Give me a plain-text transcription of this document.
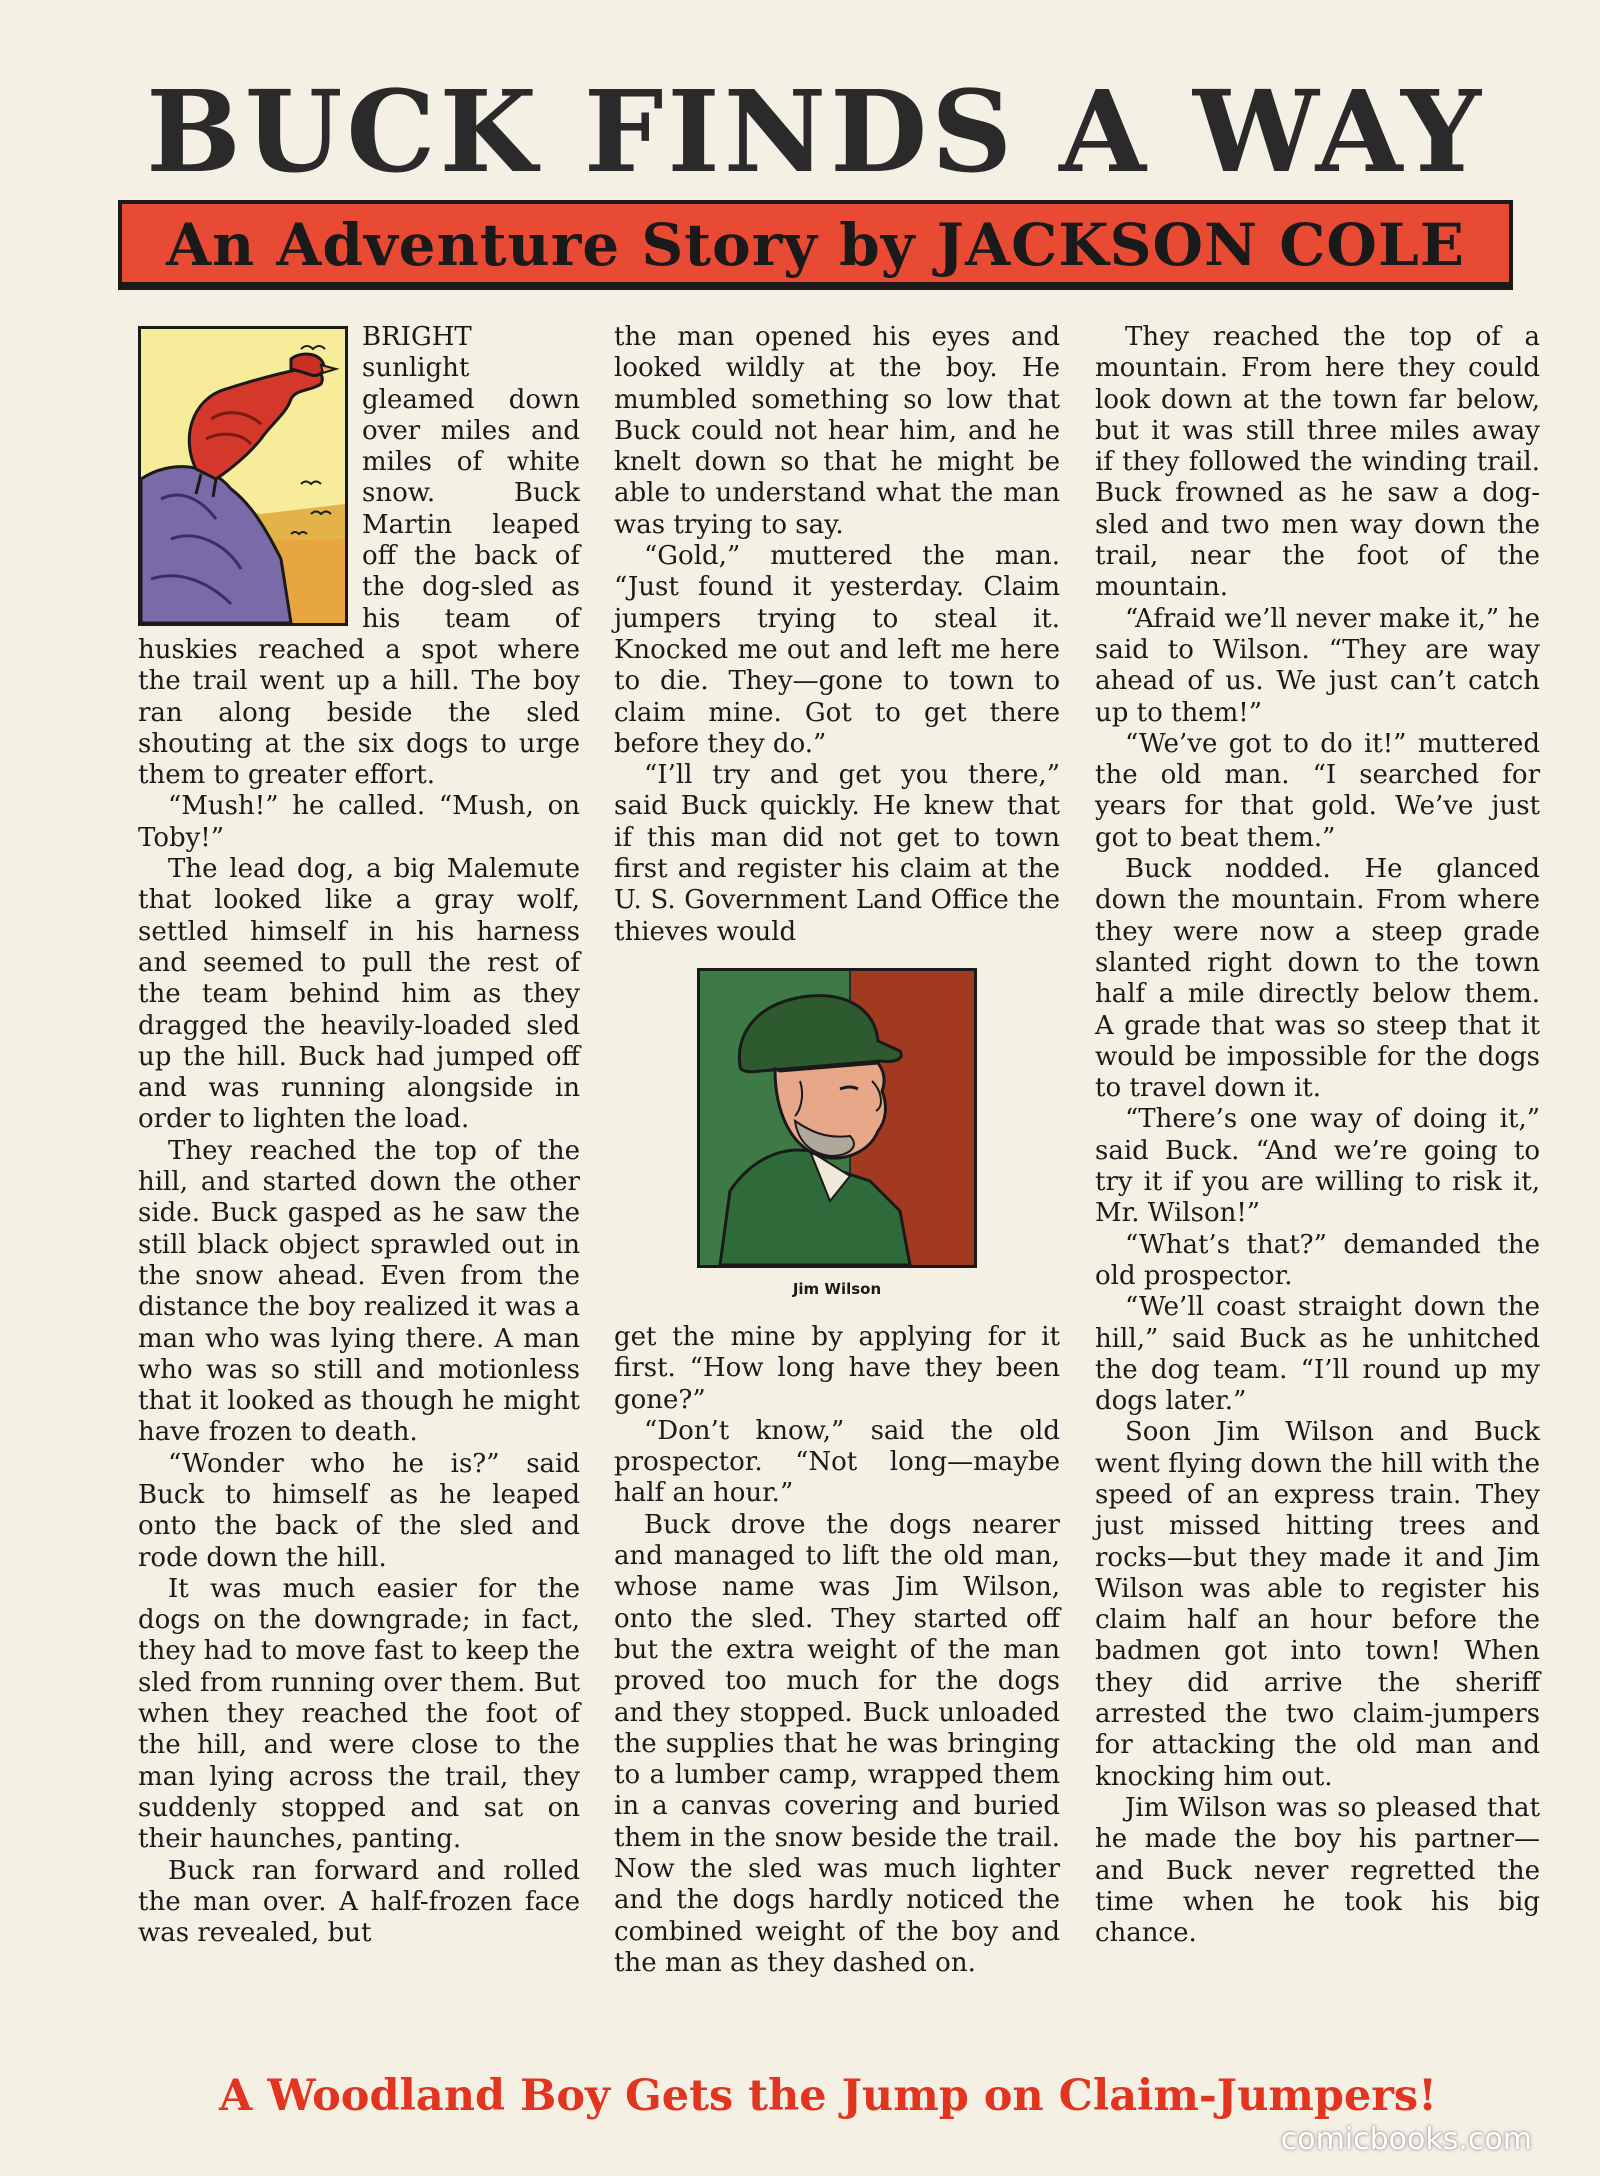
BUCK FINDS A WAY
An Adventure Story by JACKSON COLE

BRIGHT sunlight gleamed down over miles and miles of white snow. Buck Martin leaped off the back of the dog-sled as his team of huskies reached a spot where the trail went up a hill. The boy ran along beside the sled shouting at the six dogs to urge them to greater effort.

“Mush!” he called. “Mush, on Toby!”

The lead dog, a big Malemute that looked like a gray wolf, settled himself in his harness and seemed to pull the rest of the team behind him as they dragged the heavily-loaded sled up the hill. Buck had jumped off and was running alongside in order to lighten the load.

They reached the top of the hill, and started down the other side. Buck gasped as he saw the still black object sprawled out in the snow ahead. Even from the distance the boy realized it was a man who was lying there. A man who was so still and motionless that it looked as though he might have frozen to death.

“Wonder who he is?” said Buck to himself as he leaped onto the back of the sled and rode down the hill.

It was much easier for the dogs on the downgrade; in fact, they had to move fast to keep the sled from running over them. But when they reached the foot of the hill, and were close to the man lying across the trail, they suddenly stopped and sat on their haunches, panting.

Buck ran forward and rolled the man over. A half-frozen face was revealed, but

the man opened his eyes and looked wildly at the boy. He mumbled something so low that Buck could not hear him, and he knelt down so that he might be able to understand what the man was trying to say.

“Gold,” muttered the man. “Just found it yesterday. Claim jumpers trying to steal it. Knocked me out and left me here to die. They—gone to town to claim mine. Got to get there before they do.”

“I’ll try and get you there,” said Buck quickly. He knew that if this man did not get to town first and register his claim at the U. S. Government Land Office the thieves would

Jim Wilson

get the mine by applying for it first. “How long have they been gone?”

“Don’t know,” said the old prospector. “Not long—maybe half an hour.”

Buck drove the dogs nearer and managed to lift the old man, whose name was Jim Wilson, onto the sled. They started off but the extra weight of the man proved too much for the dogs and they stopped. Buck unloaded the supplies that he was bringing to a lumber camp, wrapped them in a canvas covering and buried them in the snow beside the trail. Now the sled was much lighter and the dogs hardly noticed the combined weight of the boy and the man as they dashed on.

They reached the top of a mountain. From here they could look down at the town far below, but it was still three miles away if they followed the winding trail. Buck frowned as he saw a dog-sled and two men way down the trail, near the foot of the mountain.

“Afraid we’ll never make it,” he said to Wilson. “They are way ahead of us. We just can’t catch up to them!”

“We’ve got to do it!” muttered the old man. “I searched for years for that gold. We’ve just got to beat them.”

Buck nodded. He glanced down the mountain. From where they were now a steep grade slanted right down to the town half a mile directly below them. A grade that was so steep that it would be impossible for the dogs to travel down it.

“There’s one way of doing it,” said Buck. “And we’re going to try it if you are willing to risk it, Mr. Wilson!”

“What’s that?” demanded the old prospector.

“We’ll coast straight down the hill,” said Buck as he unhitched the dog team. “I’ll round up my dogs later.”

Soon Jim Wilson and Buck went flying down the hill with the speed of an express train. They just missed hitting trees and rocks—but they made it and Jim Wilson was able to register his claim half an hour before the badmen got into town! When they did arrive the sheriff arrested the two claim-jumpers for attacking the old man and knocking him out.

Jim Wilson was so pleased that he made the boy his partner—and Buck never regretted the time when he took his big chance.

A Woodland Boy Gets the Jump on Claim-Jumpers!
comicbooks.com
